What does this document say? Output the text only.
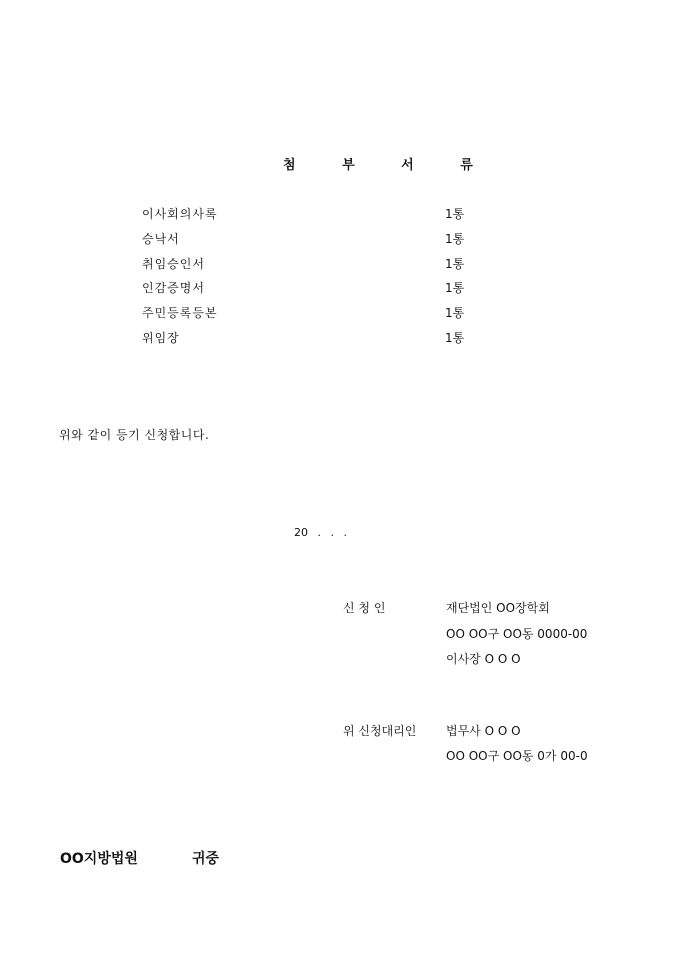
첨 부 서 류
이사회의사록	1통
승낙서	1통
취임승인서	1통
인감증명서	1통
주민등록등본	1통
위임장	1통
위와 같이 등기 신청합니다.
20 . . .
신 청 인	재단법인 OO장학회
OO OO구 OO동 0000-00
이사장 O O O
위 신청대리인 법무사 O O O
OO OO구 OO동 0가 00-0
OO지방법원	귀중
